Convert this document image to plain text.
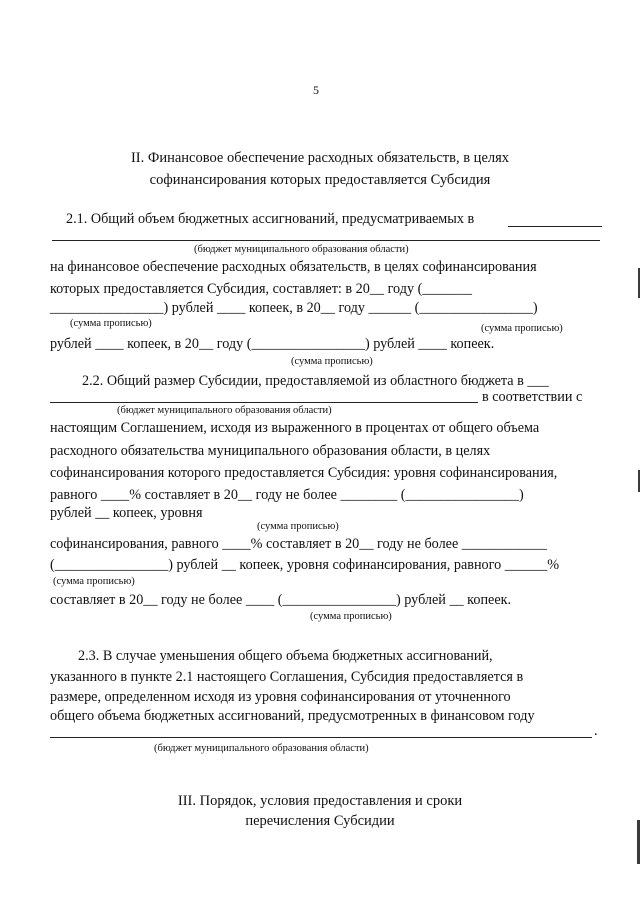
5
II. Финансовое обеспечение расходных обязательств, в целях
софинансирования которых предоставляется Субсидия
2.1. Общий объем бюджетных ассигнований, предусматриваемых в
(бюджет муниципального образования области)
на финансовое обеспечение расходных обязательств, в целях софинансирования
которых предоставляется Субсидия, составляет: в 20__ году (_______
________________) рублей ____ копеек, в 20__ году ______ (________________)
(сумма прописью)	(сумма прописью)
рублей ____ копеек, в 20__ году (________________) рублей ____ копеек.
(сумма прописью)
2.2. Общий размер Субсидии, предоставляемой из областного бюджета в ___
в соответствии с
(бюджет муниципального образования области)
настоящим Соглашением, исходя из выраженного в процентах от общего объема
расходного обязательства муниципального образования области, в целях
софинансирования которого предоставляется Субсидия: уровня софинансирования,
равного ____% составляет в 20__ году не более ________ (________________)
рублей __ копеек, уровня
(сумма прописью)
софинансирования, равного ____% составляет в 20__ году не более ____________
(________________) рублей __ копеек, уровня софинансирования, равного ______%
(сумма прописью)
составляет в 20__ году не более ____ (________________) рублей __ копеек.
(сумма прописью)
2.3. В случае уменьшения общего объема бюджетных ассигнований,
указанного в пункте 2.1 настоящего Соглашения, Субсидия предоставляется в
размере, определенном исходя из уровня софинансирования от уточненного
общего объема бюджетных ассигнований, предусмотренных в финансовом году
.
(бюджет муниципального образования области)
III. Порядок, условия предоставления и сроки
перечисления Субсидии
